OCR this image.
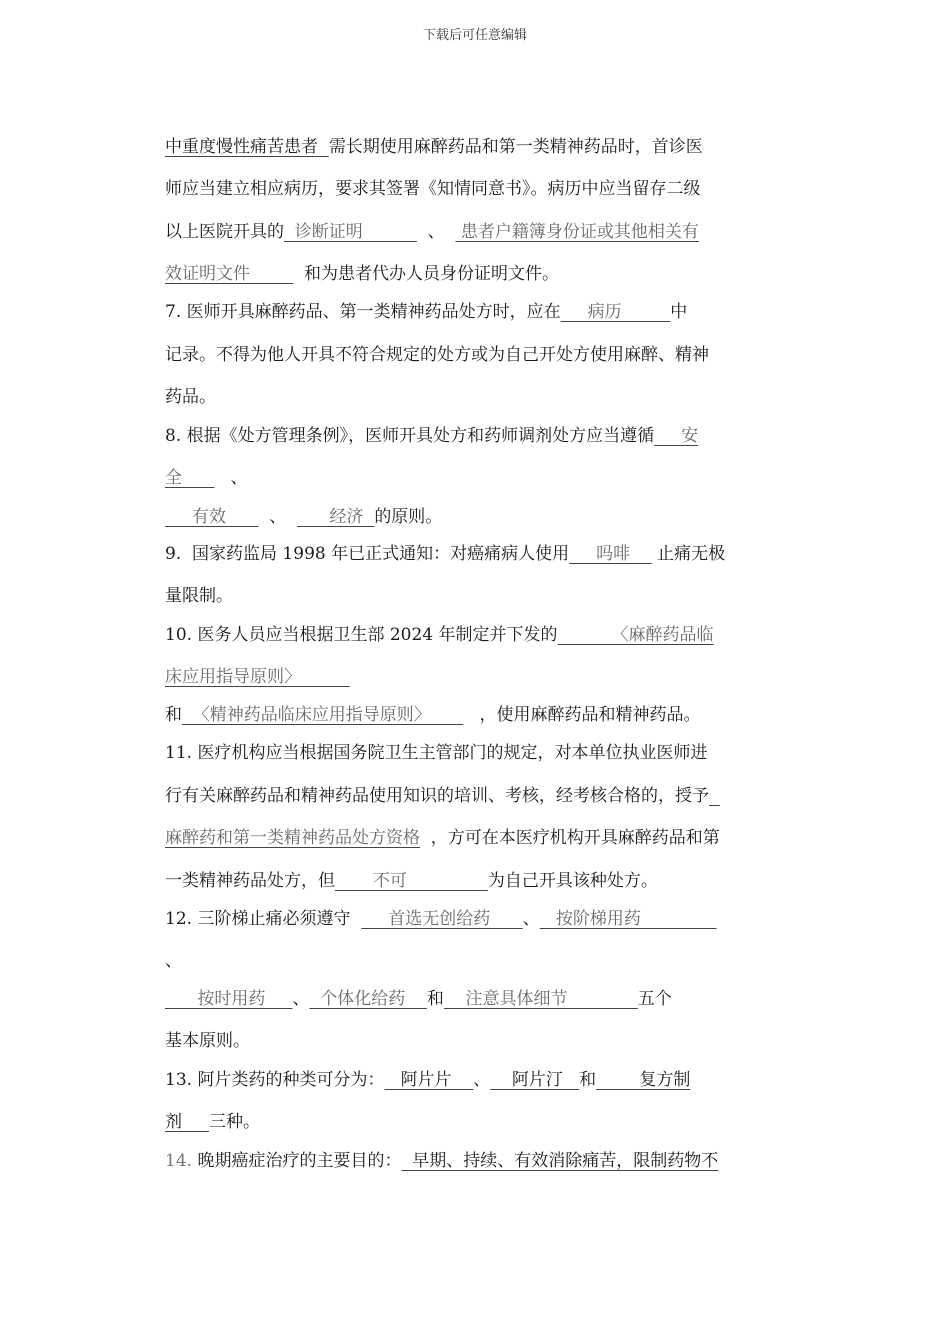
下载后可任意编辑
中重度慢性痛苦患者 需长期使用麻醉药品和第一类精神药品时，首诊医
师应当建立相应病历，要求其签署《知情同意书》。病历中应当留存二级
以上医院开具的  诊断证明            、   患者户籍簿身份证或其他相关有
效证明文件          和为患者代办人员身份证明文件。
7. 医师开具麻醉药品、第一类精神药品处方时，应在     病历         中
记录。不得为他人开具不符合规定的处方或为自己开处方使用麻醉、精神
药品。
8. 根据《处方管理条例》，医师开具处方和药师调剂处方应当遵循     安
全         、
有效        、        经济  的原则。
9.  国家药监局 1998 年已正式通知：对癌痛病人使用     吗啡     止痛无极
量限制。
10. 医务人员应当根据卫生部 2024 年制定并下发的          〈麻醉药品临
床应用指导原则〉
和  〈精神药品临床应用指导原则〉         ，使用麻醉药品和精神药品。
11. 医疗机构应当根据国务院卫生主管部门的规定，对本单位执业医师进
行有关麻醉药品和精神药品使用知识的培训、考核，经考核合格的，授予
麻醉药和第一类精神药品处方资格  ，方可在本医疗机构开具麻醉药品和第
一类精神药品处方，但       不可               为自己开具该种处方。
12. 三阶梯止痛必须遵守       首选无创给药      、   按阶梯用药
、
按时用药     、  个体化给药    和    注意具体细节             五个
基本原则。
13. 阿片类药的种类可分为：   阿片片    、    阿片汀   和        复方制
剂     三种。
14. 晚期癌症治疗的主要目的：  早期、持续、有效消除痛苦，限制药物不
